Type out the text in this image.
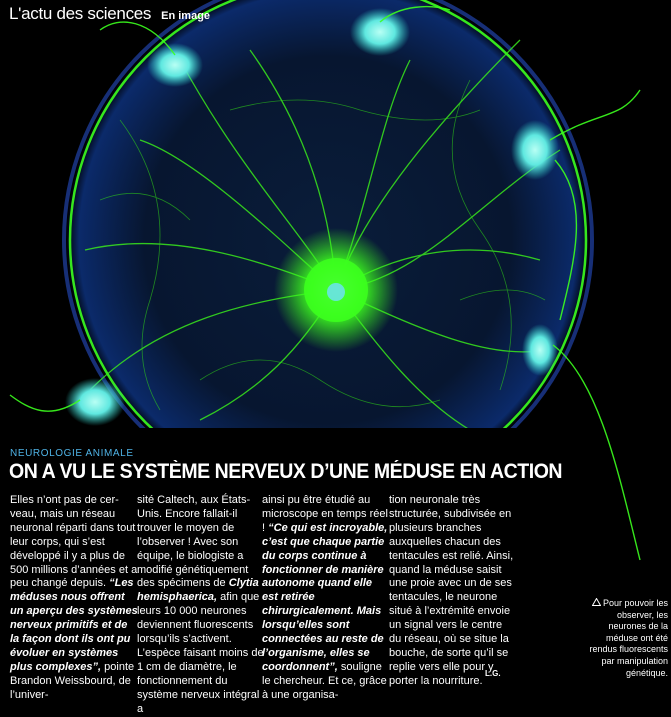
L'actu des sciences En image
NEUROLOGIE ANIMALE
ON A VU LE SYSTÈME NERVEUX D’UNE MÉDUSE EN ACTION

Elles n’ont pas de cer-veau, mais un réseau neuronal réparti dans tout leur corps, qui s’est développé il y a plus de 500 millions d’années et a peu changé depuis. “Les méduses nous offrent un aperçu des systèmes nerveux primitifs et de la façon dont ils ont pu évoluer en systèmes plus complexes”, pointe Brandon Weissbourd, de l’univer-

sité Caltech, aux États-Unis. Encore fallait-il trouver le moyen de l’observer ! Avec son équipe, le biologiste a modifié génétiquement des spécimens de Clytia hemisphaerica, afin que leurs 10 000 neurones deviennent fluorescents lorsqu’ils s’activent. L’espèce faisant moins de 1 cm de diamètre, le fonctionnement du système nerveux intégral a

ainsi pu être étudié au microscope en temps réel ! “Ce qui est incroyable, c’est que chaque partie du corps continue à fonctionner de manière autonome quand elle est retirée chirurgicalement. Mais lorsqu’elles sont connectées au reste de l’organisme, elles se coordonnent”, souligne le chercheur. Et ce, grâce à une organisa-

tion neuronale très structurée, subdivisée en plusieurs branches auxquelles chacun des tentacules est relié. Ainsi, quand la méduse saisit une proie avec un de ses tentacules, le neurone situé à l’extrémité envoie un signal vers le centre du réseau, où se situe la bouche, de sorte qu’il se replie vers elle pour y porter la nourriture.

L.G.
Pour pouvoir les observer, les neurones de la méduse ont été rendus fluorescents par manipulation génétique.
